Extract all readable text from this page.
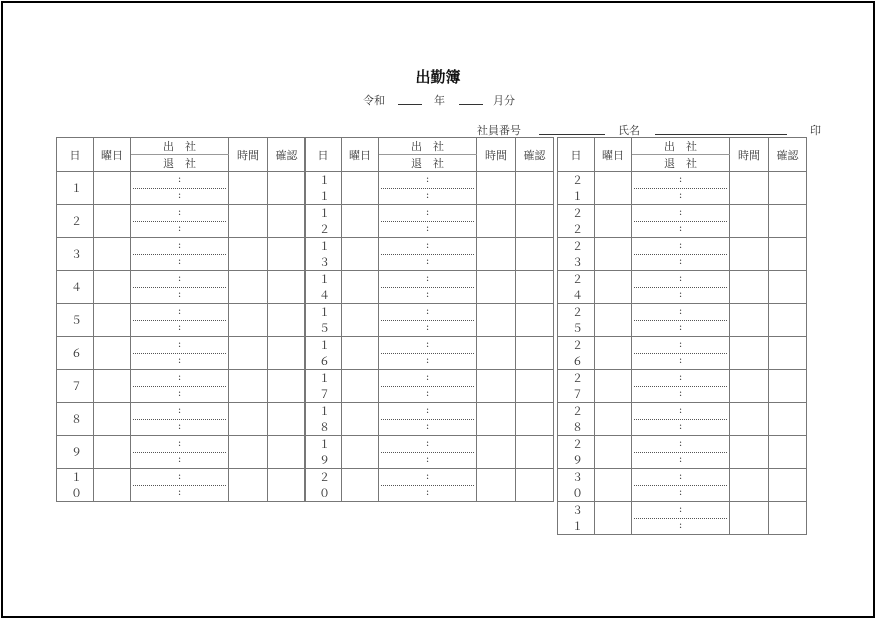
出勤簿
令和	年	月分
社員番号	氏名	印
日	曜日	出　社	時間	確認
		退　社		
１		:
:		

２		:
:		

３		:
:		

４		:
:		

５		:
:		

６		:
:		

７		:
:		

８		:
:		

９		:
:		

１０		:
:		

日	曜日	出　社	時間	確認
		退　社		
１１		:
:		

１２		:
:		

１３		:
:		

１４		:
:		

１５		:
:		

１６		:
:		

１７		:
:		

１８		:
:		

１９		:
:		

２０		:
:		

日	曜日	出　社	時間	確認
		退　社		
２１		:
:		

２２		:
:		

２３		:
:		

２４		:
:		

２５		:
:		

２６		:
:		

２７		:
:		

２８		:
:		

２９		:
:		

３０		:
:		

３１		:
:		
